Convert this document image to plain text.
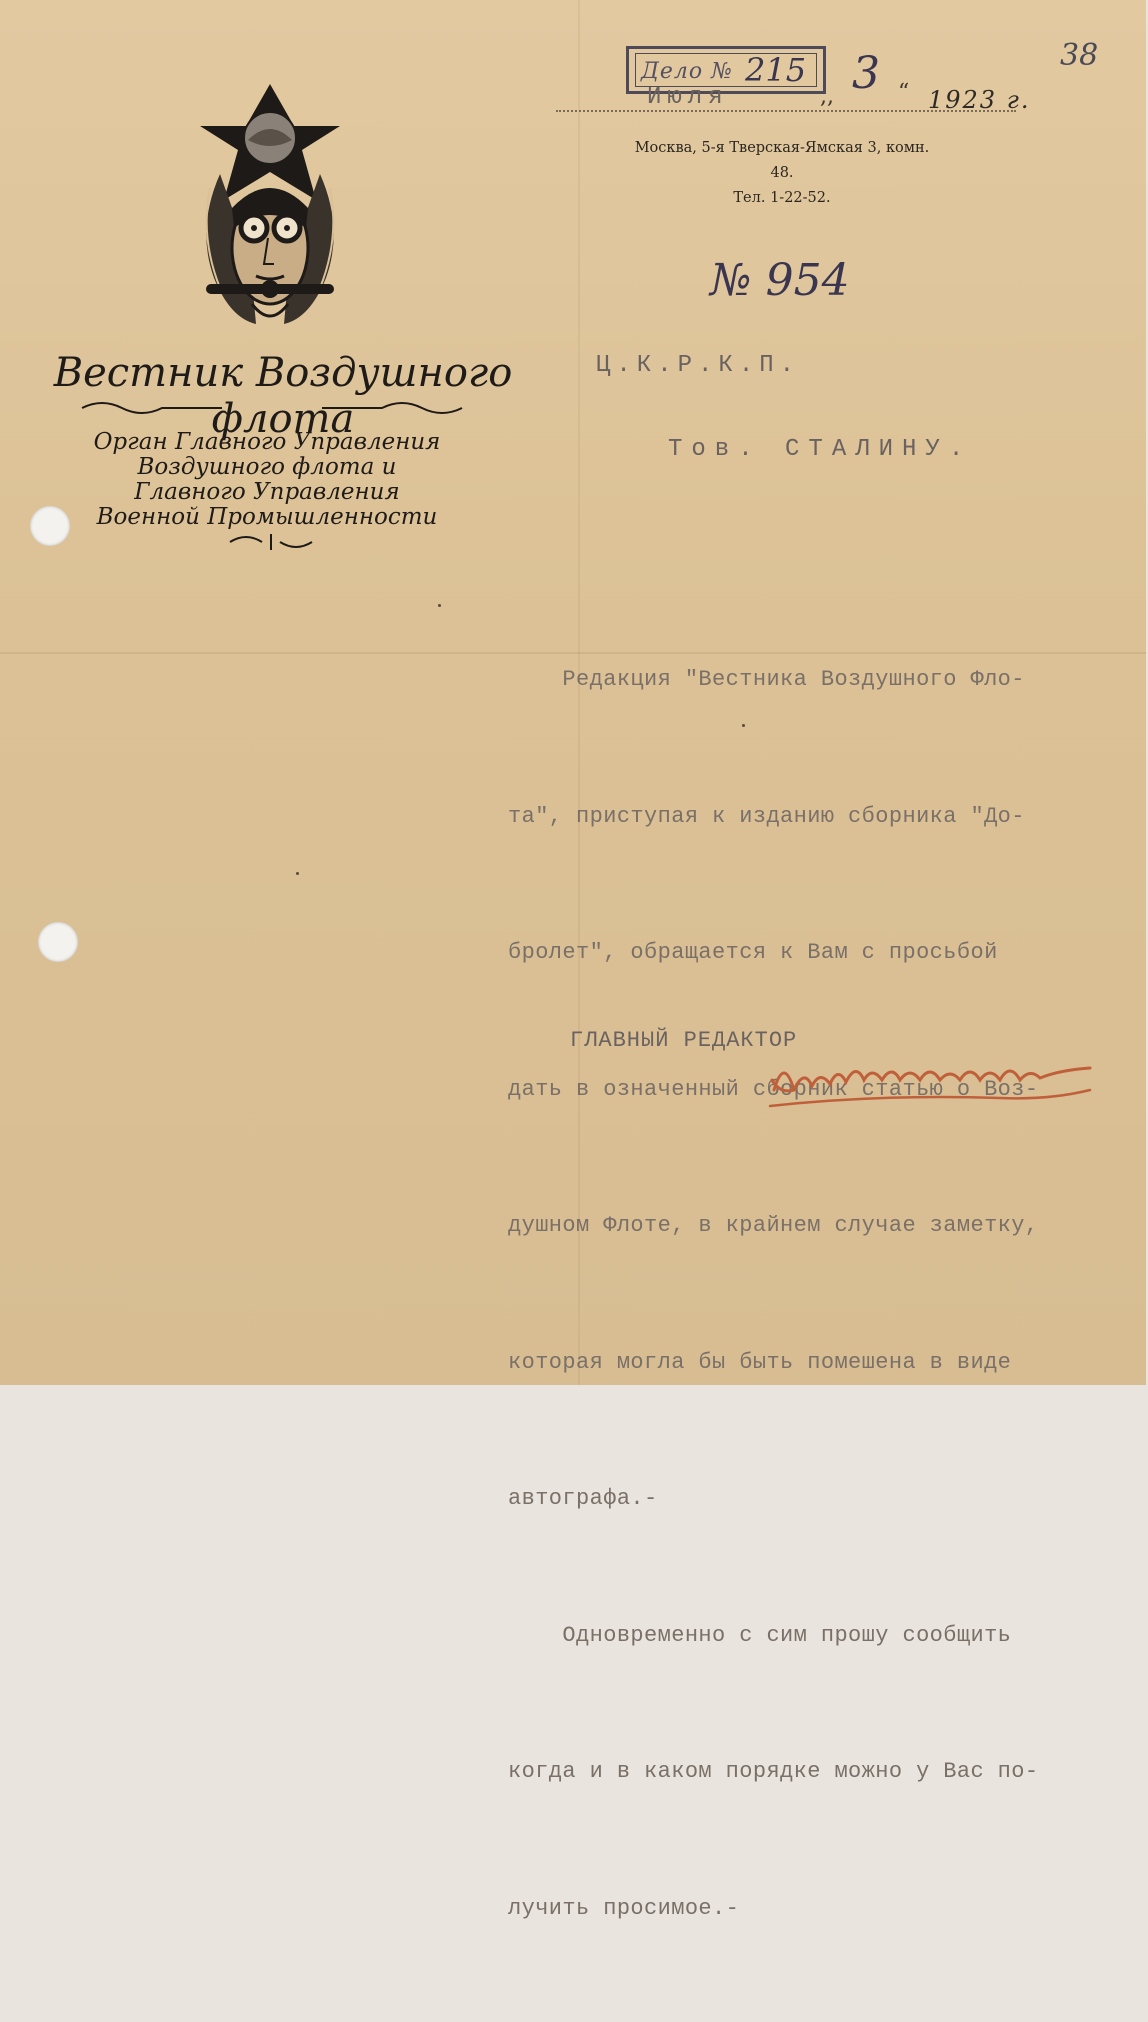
38
Дело № 215
Июля	,, 3 “ 1923 г.
Москва, 5-я Тверская-Ямская 3, комн. 48.
Тел. 1-22-52.
№ 954
Вестник Воздушного
флота
Орган Главного Управления
Воздушного флота и
Главного Управления
Военной Промышленности
Ц.К.Р.К.П.
Тов. СТАЛИНУ.

Редакция "Вестника Воздушного Фло-

та", приступая к изданию сборника "До-

бролет", обращается к Вам с просьбой

дать в означенный сборник статью о Воз-

душном Флоте, в крайнем случае заметку,

которая могла бы быть помешена в виде

автографа.-

Одновременно с сим прошу сообщить

когда и в каком порядке можно у Вас по-

лучить просимое.-

ГЛАВНЫЙ РЕДАКТОР
